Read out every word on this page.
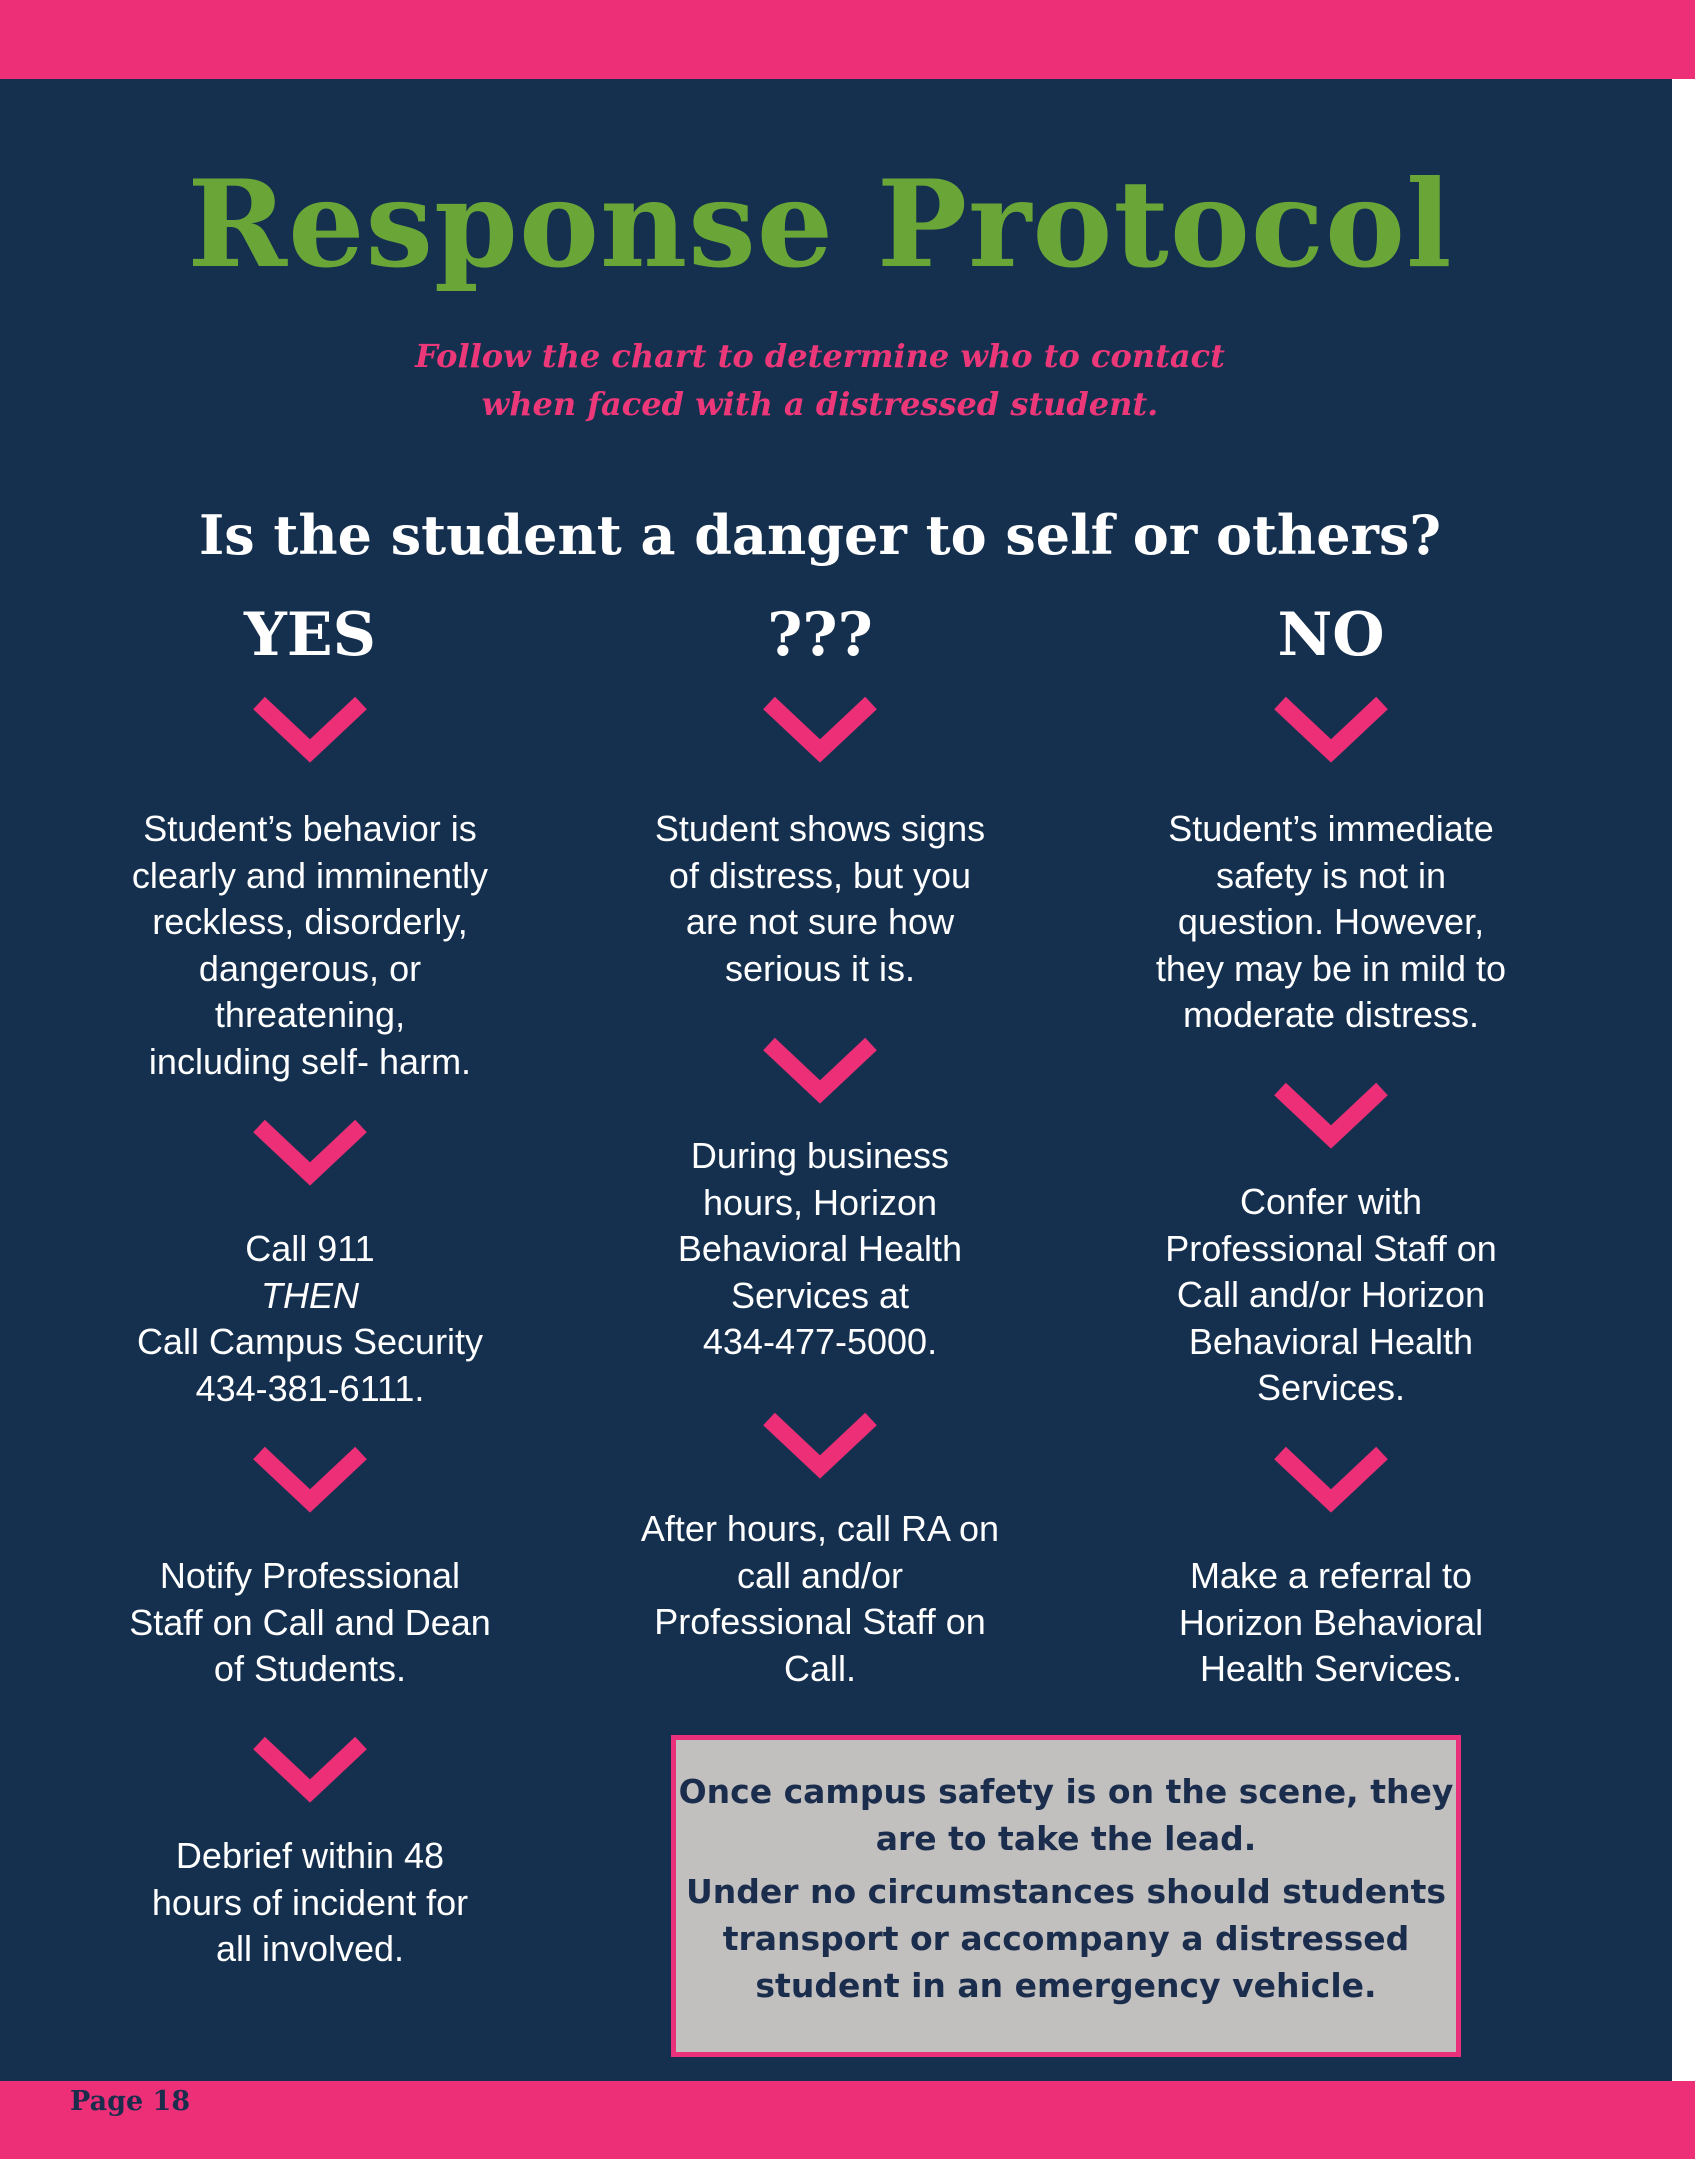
Response Protocol
Follow the chart to determine who to contact
when faced with a distressed student.
Is the student a danger to self or others?
YES	???	NO
Student’s behavior is
clearly and imminently
reckless, disorderly,
dangerous, or
threatening,
including self- harm.
Call 911
THEN
Call Campus Security
434-381-6111.
Notify Professional
Staff on Call and Dean
of Students.
Debrief within 48
hours of incident for
all involved.
Student shows signs
of distress, but you
are not sure how
serious it is.
During business
hours, Horizon
Behavioral Health
Services at
434-477-5000.
After hours, call RA on
call and/or
Professional Staff on
Call.
Student’s immediate
safety is not in
question. However,
they may be in mild to
moderate distress.
Confer with
Professional Staff on
Call and/or Horizon
Behavioral Health
Services.
Make a referral to
Horizon Behavioral
Health Services.

Once campus safety is on the scene, they
are to take the lead.

Under no circumstances should students
transport or accompany a distressed
student in an emergency vehicle.

Page 18
